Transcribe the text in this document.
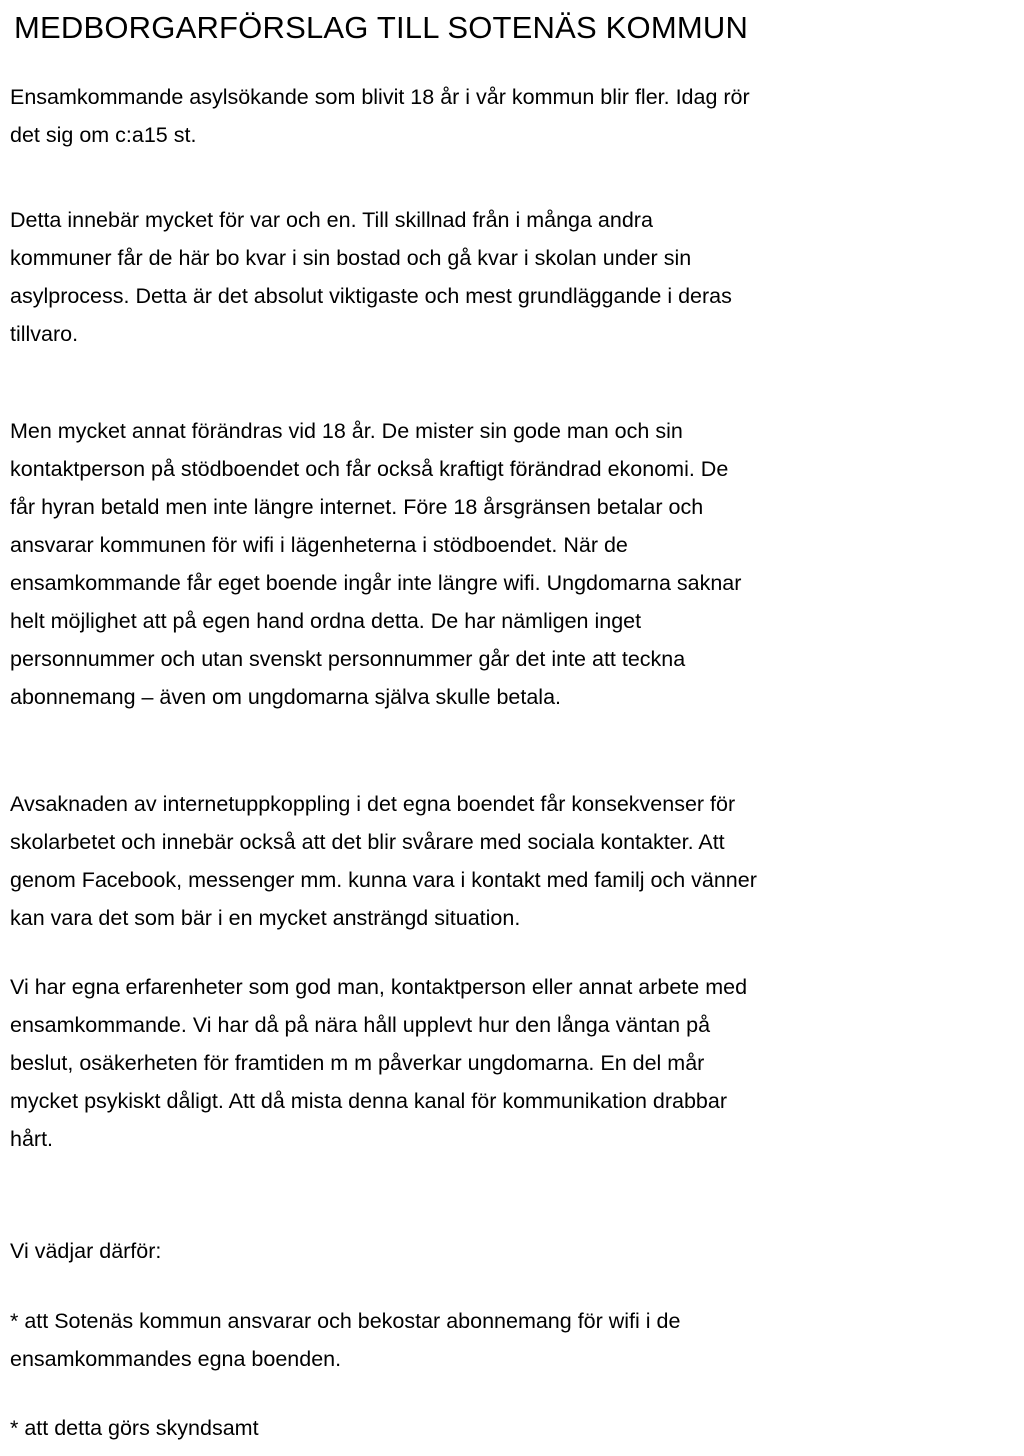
MEDBORGARFÖRSLAG TILL SOTENÄS KOMMUN

Ensamkommande asylsökande som blivit 18 år i vår kommun blir fler. Idag rör
det sig om c:a15 st.

Detta innebär mycket för var och en. Till skillnad från i många andra
kommuner får de här bo kvar i sin bostad och gå kvar i skolan under sin
asylprocess. Detta är det absolut viktigaste och mest grundläggande i deras
tillvaro.

Men mycket annat förändras vid 18 år. De mister sin gode man och sin
kontaktperson på stödboendet och får också kraftigt förändrad ekonomi. De
får hyran betald men inte längre internet. Före 18 årsgränsen betalar och
ansvarar kommunen för wifi i lägenheterna i stödboendet. När de
ensamkommande får eget boende ingår inte längre wifi. Ungdomarna saknar
helt möjlighet att på egen hand ordna detta. De har nämligen inget
personnummer och utan svenskt personnummer går det inte att teckna
abonnemang – även om ungdomarna själva skulle betala.

Avsaknaden av internetuppkoppling i det egna boendet får konsekvenser för
skolarbetet och innebär också att det blir svårare med sociala kontakter. Att
genom Facebook, messenger mm. kunna vara i kontakt med familj och vänner
kan vara det som bär i en mycket ansträngd situation.

Vi har egna erfarenheter som god man, kontaktperson eller annat arbete med
ensamkommande. Vi har då på nära håll upplevt hur den långa väntan på
beslut, osäkerheten för framtiden m m påverkar ungdomarna. En del mår
mycket psykiskt dåligt. Att då mista denna kanal för kommunikation drabbar
hårt.

Vi vädjar därför:

* att Sotenäs kommun ansvarar och bekostar abonnemang för wifi i de
ensamkommandes egna boenden.

* att detta görs skyndsamt
